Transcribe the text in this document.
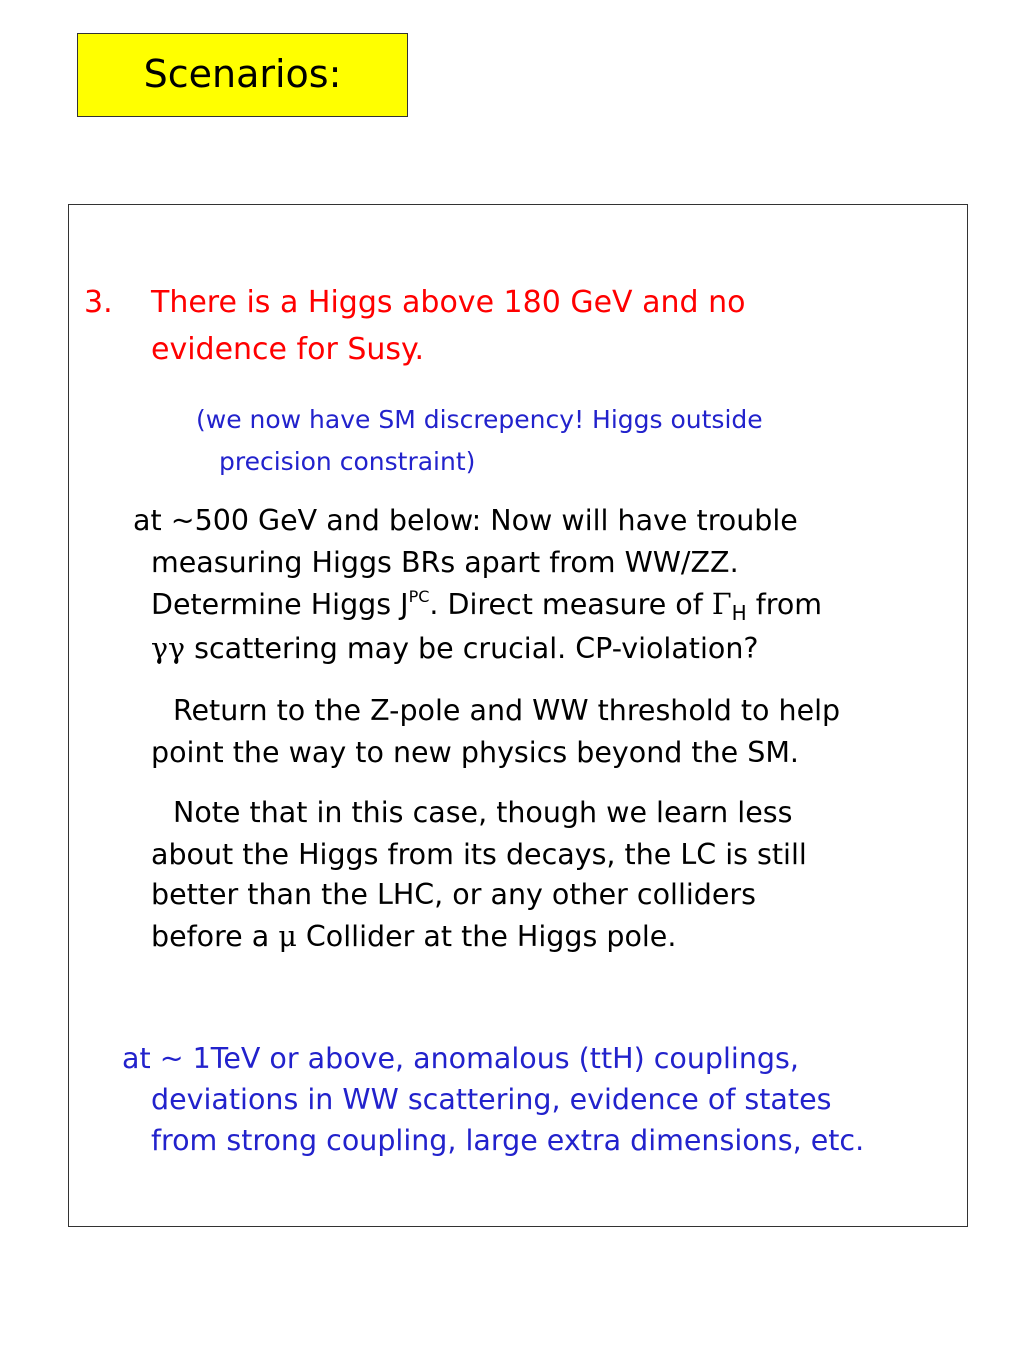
Scenarios:
3. There is a Higgs above 180 GeV and no
evidence for Susy.
(we now have SM discrepency! Higgs outside
precision constraint)
at ~500 GeV and below: Now will have trouble
measuring Higgs BRs apart from WW/ZZ.
Determine Higgs $J^{PC}$. Direct measure of $\Gamma_H$ from
γγ scattering may be crucial. CP-violation?
Return to the Z-pole and WW threshold to help
point the way to new physics beyond the SM.
Note that in this case, though we learn less
about the Higgs from its decays, the LC is still
better than the LHC, or any other colliders
before a μ Collider at the Higgs pole.
at ~ 1TeV or above, anomalous (ttH) couplings,
deviations in WW scattering, evidence of states
from strong coupling, large extra dimensions, etc.
